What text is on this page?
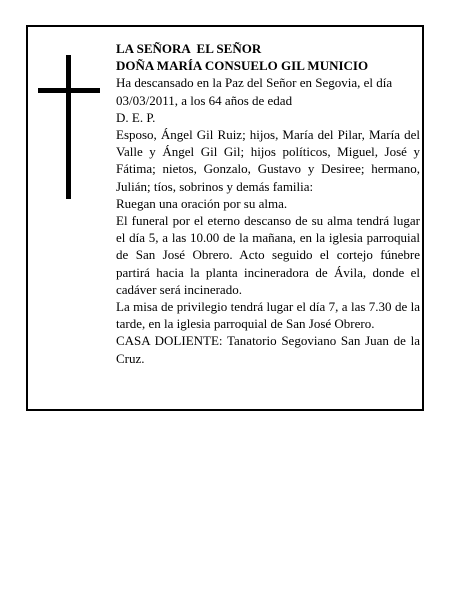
LA SEÑORA  EL SEÑOR

DOÑA MARÍA CONSUELO GIL MUNICIO

Ha descansado en la Paz del Señor en Segovia, el día 03/03/2011, a los 64 años de edad

D. E. P.

Esposo, Ángel Gil Ruiz; hijos, María del Pilar, María del Valle y Ángel Gil Gil; hijos políticos, Miguel, José y Fátima; nietos, Gonzalo, Gustavo y Desiree; hermano, Julián; tíos, sobrinos y demás familia:

Ruegan una oración por su alma.

El funeral por el eterno descanso de su alma tendrá lugar el día 5, a las 10.00 de la mañana, en la iglesia parroquial de San José Obrero. Acto seguido el cortejo fúnebre partirá hacia la planta incineradora de Ávila, donde el cadáver será incinerado.

La misa de privilegio tendrá lugar el día 7, a las 7.30 de la tarde, en la iglesia parroquial de San José Obrero.

CASA DOLIENTE: Tanatorio Segoviano San Juan de la Cruz.
